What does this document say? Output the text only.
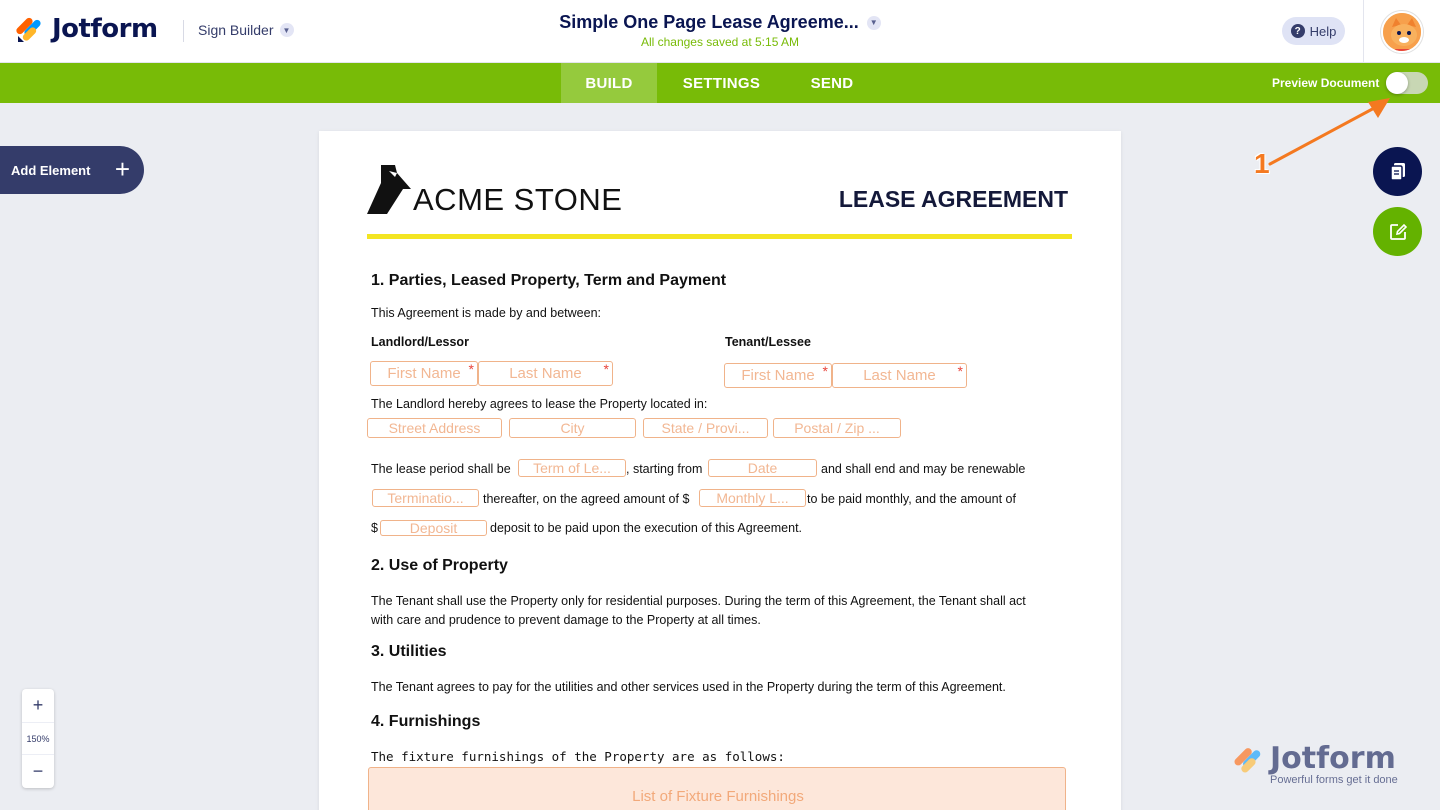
Jotform	Sign Builder	▼	Simple One Page Lease Agreeme...	▼
All changes saved at 5:15 AM
? Help
BUILD	SETTINGS	SEND	Preview Document
1
Add Element +
+
150%
−
ACME STONE	LEASE AGREEMENT
1. Parties, Leased Property, Term and Payment
This Agreement is made by and between:
Landlord/Lessor	Tenant/Lessee
First Name * Last Name *	First Name * Last Name *
The Landlord hereby agrees to lease the Property located in:
Street Address	City	State / Provi...	Postal / Zip ...
The lease period shall be	Term of Le...	, starting from	Date	and shall end and may be renewable
Terminatio...	thereafter, on the agreed amount of $	Monthly L...	to be paid monthly, and the amount of
$	Deposit	deposit to be paid upon the execution of this Agreement.
2. Use of Property
The Tenant shall use the Property only for residential purposes. During the term of this Agreement, the Tenant shall act
with care and prudence to prevent damage to the Property at all times.
3. Utilities
The Tenant agrees to pay for the utilities and other services used in the Property during the term of this Agreement.
4. Furnishings
The fixture furnishings of the Property are as follows:
List of Fixture Furnishings
Jotform
Powerful forms get it done
